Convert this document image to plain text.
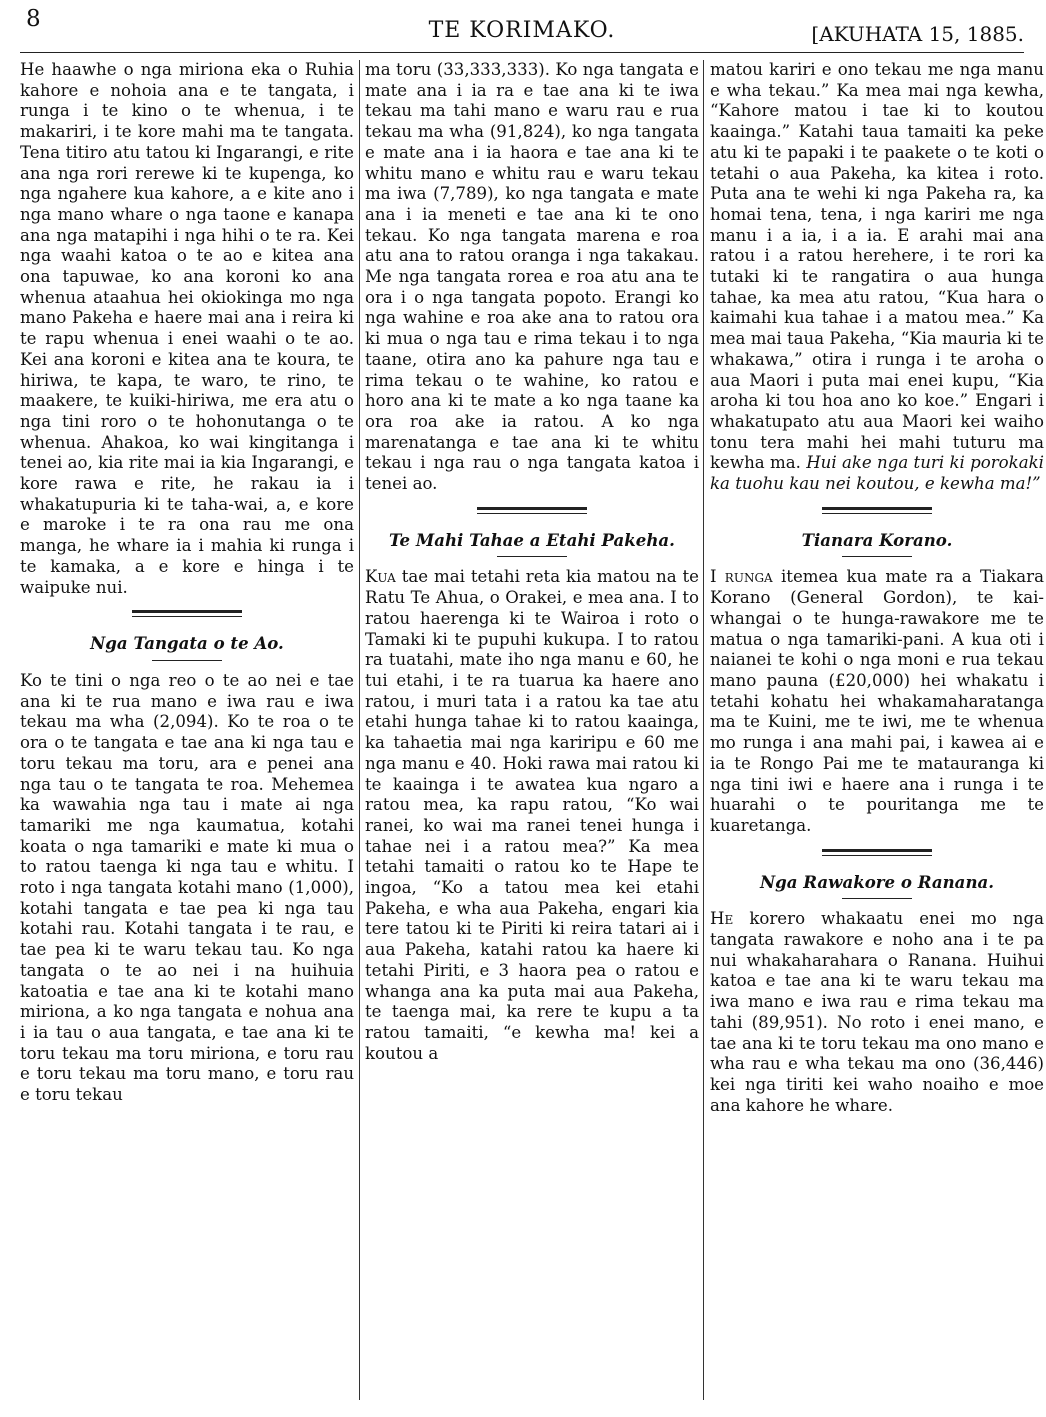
8	TE KORIMAKO.	[AKUHATA 15, 1885.

He haawhe o nga miriona eka o Ruhia kahore e nohoia ana e te tangata, i runga i te kino o te whenua, i te makariri, i te kore mahi ma te tangata. Tena titiro atu tatou ki Ingarangi, e rite ana nga rori rerewe ki te kupenga, ko nga ngahere kua kahore, a e kite ano i nga mano whare o nga taone e kanapa ana nga matapihi i nga hihi o te ra. Kei nga waahi katoa o te ao e kitea ana ona tapuwae, ko ana koroni ko ana whenua ataahua hei okiokinga mo nga mano Pakeha e haere mai ana i reira ki te rapu whenua i enei waahi o te ao. Kei ana koroni e kitea ana te koura, te hiriwa, te kapa, te waro, te rino, te maakere, te kuiki-hiriwa, me era atu o nga tini roro o te hohonutanga o te whenua. Ahakoa, ko wai kingitanga i tenei ao, kia rite mai ia kia Ingarangi, e kore rawa e rite, he rakau ia i whakatupuria ki te taha-wai, a, e kore e maroke i te ra ona rau me ona manga, he whare ia i mahia ki runga i te kamaka, a e kore e hinga i te waipuke nui.

Nga Tangata o te Ao.

Ko te tini o nga reo o te ao nei e tae ana ki te rua mano e iwa rau e iwa tekau ma wha (2,094). Ko te roa o te ora o te tangata e tae ana ki nga tau e toru tekau ma toru, ara e penei ana nga tau o te tangata te roa. Mehemea ka wawahia nga tau i mate ai nga tamariki me nga kaumatua, kotahi koata o nga tamariki e mate ki mua o to ratou taenga ki nga tau e whitu. I roto i nga tangata kotahi mano (1,000), kotahi tangata e tae pea ki nga tau kotahi rau. Kotahi tangata i te rau, e tae pea ki te waru tekau tau. Ko nga tangata o te ao nei i na huihuia katoatia e tae ana ki te kotahi mano miriona, a ko nga tangata e nohua ana i ia tau o aua tangata, e tae ana ki te toru tekau ma toru miriona, e toru rau e toru tekau ma toru mano, e toru rau e toru tekau

ma toru (33,333,333). Ko nga tangata e mate ana i ia ra e tae ana ki te iwa tekau ma tahi mano e waru rau e rua tekau ma wha (91,824), ko nga tangata e mate ana i ia haora e tae ana ki te whitu mano e whitu rau e waru tekau ma iwa (7,789), ko nga tangata e mate ana i ia meneti e tae ana ki te ono tekau. Ko nga tangata marena e roa atu ana to ratou oranga i nga takakau. Me nga tangata rorea e roa atu ana te ora i o nga tangata popoto. Erangi ko nga wahine e roa ake ana to ratou ora ki mua o nga tau e rima tekau i to nga taane, otira ano ka pahure nga tau e rima tekau o te wahine, ko ratou e horo ana ki te mate a ko nga taane ka ora roa ake ia ratou. A ko nga marenatanga e tae ana ki te whitu tekau i nga rau o nga tangata katoa i tenei ao.

Te Mahi Tahae a Etahi Pakeha.

Kua tae mai tetahi reta kia matou na te Ratu Te Ahua, o Orakei, e mea ana. I to ratou haerenga ki te Wairoa i roto o Tamaki ki te pupuhi kukupa. I to ratou ra tuatahi, mate iho nga manu e 60, he tui etahi, i te ra tuarua ka haere ano ratou, i muri tata i a ratou ka tae atu etahi hunga tahae ki to ratou kaainga, ka tahaetia mai nga kariripu e 60 me nga manu e 40. Hoki rawa mai ratou ki te kaainga i te awatea kua ngaro a ratou mea, ka rapu ratou, “Ko wai ranei, ko wai ma ranei tenei hunga i tahae nei i a ratou mea?” Ka mea tetahi tamaiti o ratou ko te Hape te ingoa, “Ko a tatou mea kei etahi Pakeha, e wha aua Pakeha, engari kia tere tatou ki te Piriti ki reira tatari ai i aua Pakeha, katahi ratou ka haere ki tetahi Piriti, e 3 haora pea o ratou e whanga ana ka puta mai aua Pakeha, te taenga mai, ka rere te kupu a ta ratou tamaiti, “e kewha ma! kei a koutou a

matou kariri e ono tekau me nga manu e wha tekau.” Ka mea mai nga kewha, “Kahore matou i tae ki to koutou kaainga.” Katahi taua tamaiti ka peke atu ki te papaki i te paakete o te koti o tetahi o aua Pakeha, ka kitea i roto. Puta ana te wehi ki nga Pakeha ra, ka homai tena, tena, i nga kariri me nga manu i a ia, i a ia. E arahi mai ana ratou i a ratou herehere, i te rori ka tutaki ki te rangatira o aua hunga tahae, ka mea atu ratou, “Kua hara o kaimahi kua tahae i a matou mea.” Ka mea mai taua Pakeha, “Kia mauria ki te whakawa,” otira i runga i te aroha o aua Maori i puta mai enei kupu, “Kia aroha ki tou hoa ano ko koe.” Engari i whakatupato atu aua Maori kei waiho tonu tera mahi hei mahi tuturu ma kewha ma. Hui ake nga turi ki porokaki ka tuohu kau nei koutou, e kewha ma!”

Tianara Korano.

I runga itemea kua mate ra a Tiakara Korano (General Gordon), te kai-whangai o te hunga-rawakore me te matua o nga tamariki-pani. A kua oti i naianei te kohi o nga moni e rua tekau mano pauna (£20,000) hei whakatu i tetahi kohatu hei whakamaharatanga ma te Kuini, me te iwi, me te whenua mo runga i ana mahi pai, i kawea ai e ia te Rongo Pai me te matauranga ki nga tini iwi e haere ana i runga i te huarahi o te pouritanga me te kuaretanga.

Nga Rawakore o Ranana.

He korero whakaatu enei mo nga tangata rawakore e noho ana i te pa nui whakaharahara o Ranana. Huihui katoa e tae ana ki te waru tekau ma iwa mano e iwa rau e rima tekau ma tahi (89,951). No roto i enei mano, e tae ana ki te toru tekau ma ono mano e wha rau e wha tekau ma ono (36,446) kei nga tiriti kei waho noaiho e moe ana kahore he whare.
